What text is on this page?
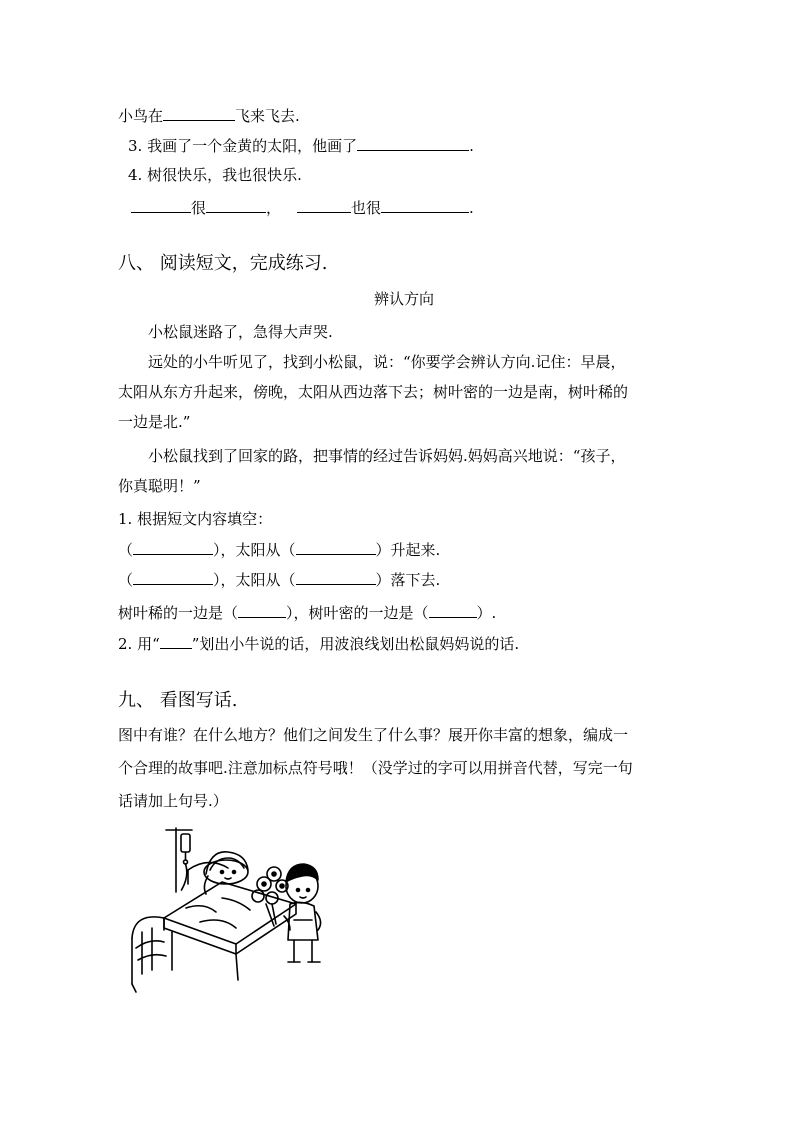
小鸟在	飞来飞去.
3. 我画了一个金黄的太阳，他画了	.
4. 树很快乐，我也很快乐.
很	，	也很	.
八、 阅读短文，完成练习.
辨认方向
小松鼠迷路了，急得大声哭.
远处的小牛听见了，找到小松鼠，说：“你要学会辨认方向.记住：早晨，
太阳从东方升起来，傍晚，太阳从西边落下去；树叶密的一边是南，树叶稀的
一边是北.”
小松鼠找到了回家的路，把事情的经过告诉妈妈.妈妈高兴地说：“孩子，
你真聪明！”
1. 根据短文内容填空：
（	），太阳从（	）升起来.
（	），太阳从（	）落下去.
树叶稀的一边是（	），树叶密的一边是（	）.
2. 用“ ”划出小牛说的话，用波浪线划出松鼠妈妈说的话.
九、 看图写话.
图中有谁？在什么地方？他们之间发生了什么事？展开你丰富的想象，编成一
个合理的故事吧.注意加标点符号哦！（没学过的字可以用拼音代替，写完一句
话请加上句号.）
